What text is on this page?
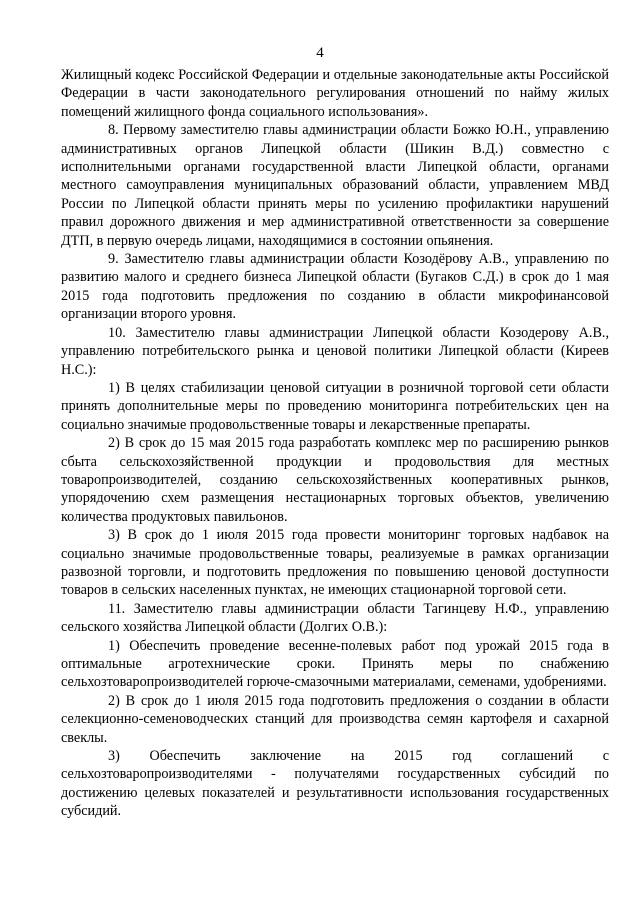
4

Жилищный кодекс Российской Федерации и отдельные законодательные акты Российской Федерации в части законодательного регулирования отношений по найму жилых помещений жилищного фонда социального использования».

8. Первому заместителю главы администрации области Божко Ю.Н., управлению административных органов Липецкой области (Шикин В.Д.) совместно с исполнительными органами государственной власти Липецкой области, органами местного самоуправления муниципальных образований области, управлением МВД России по Липецкой области принять меры по усилению профилактики нарушений правил дорожного движения и мер административной ответственности за совершение ДТП, в первую очередь лицами, находящимися в состоянии опьянения.

9. Заместителю главы администрации области Козодёрову А.В., управлению по развитию малого и среднего бизнеса Липецкой области (Бугаков С.Д.) в срок до 1 мая 2015 года подготовить предложения по созданию в области микрофинансовой организации второго уровня.

10. Заместителю главы администрации Липецкой области Козодерову А.В., управлению потребительского рынка и ценовой политики Липецкой области (Киреев Н.С.):

1) В целях стабилизации ценовой ситуации в розничной торговой сети области принять дополнительные меры по проведению мониторинга потребительских цен на социально значимые продовольственные товары и лекарственные препараты.

2) В срок до 15 мая 2015 года разработать комплекс мер по расширению рынков сбыта сельскохозяйственной продукции и продовольствия для местных товаропроизводителей, созданию сельскохозяйственных кооперативных рынков, упорядочению схем размещения нестационарных торговых объектов, увеличению количества продуктовых павильонов.

3) В срок до 1 июля 2015 года провести мониторинг торговых надбавок на социально значимые продовольственные товары, реализуемые в рамках организации развозной торговли, и подготовить предложения по повышению ценовой доступности товаров в сельских населенных пунктах, не имеющих стационарной торговой сети.

11. Заместителю главы администрации области Тагинцеву Н.Ф., управлению сельского хозяйства Липецкой области (Долгих О.В.):

1) Обеспечить проведение весенне-полевых работ под урожай 2015 года в оптимальные агротехнические сроки. Принять меры по снабжению сельхозтоваропроизводителей горюче-смазочными материалами, семенами, удобрениями.

2) В срок до 1 июля 2015 года подготовить предложения о создании в области селекционно-семеноводческих станций для производства семян картофеля и сахарной свеклы.

3) Обеспечить заключение на 2015 год соглашений с сельхозтоваропроизводителями - получателями государственных субсидий по достижению целевых показателей и результативности использования государственных субсидий.
